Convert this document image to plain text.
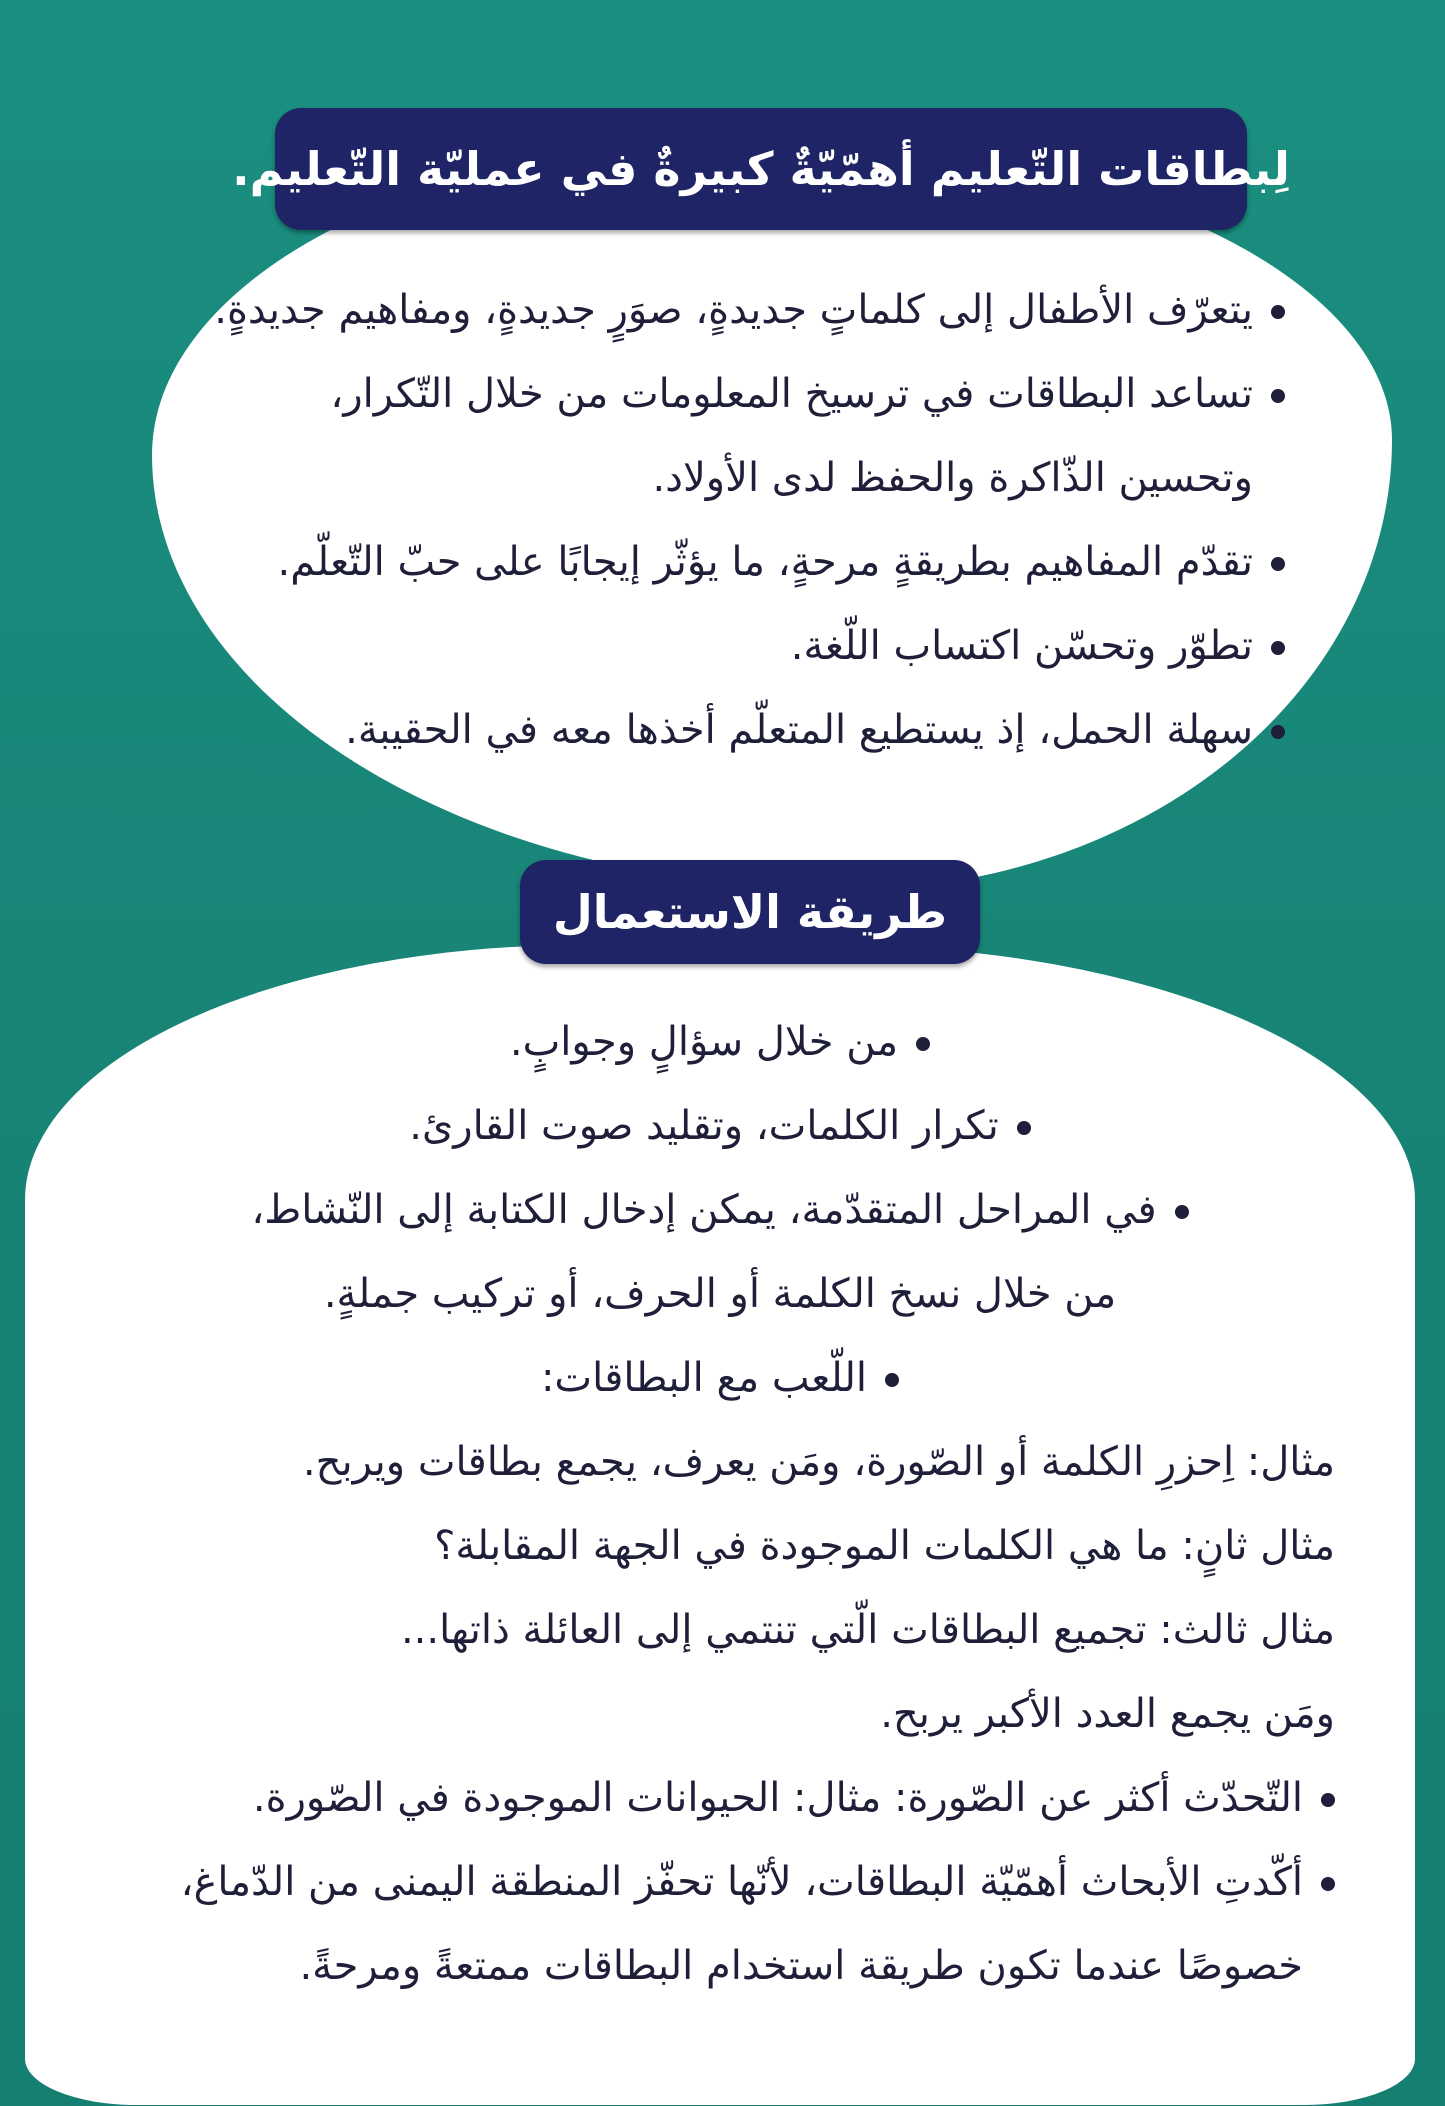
لِبطاقات التّعليم أهمّيّةٌ كبيرةٌ في عمليّة التّعليم.
يتعرّف الأطفال إلى كلماتٍ جديدةٍ، صوَرٍ جديدةٍ، ومفاهيم جديدةٍ.
تساعد البطاقات في ترسيخ المعلومات من خلال التّكرار،
وتحسين الذّاكرة والحفظ لدى الأولاد.
تقدّم المفاهيم بطريقةٍ مرحةٍ، ما يؤثّر إيجابًا على حبّ التّعلّم.
تطوّر وتحسّن اكتساب اللّغة.
سهلة الحمل، إذ يستطيع المتعلّم أخذها معه في الحقيبة.
طريقة الاستعمال
من خلال سؤالٍ وجوابٍ.
تكرار الكلمات، وتقليد صوت القارئ.
في المراحل المتقدّمة، يمكن إدخال الكتابة إلى النّشاط،
من خلال نسخ الكلمة أو الحرف، أو تركيب جملةٍ.
اللّعب مع البطاقات:
مثال: اِحزرِ الكلمة أو الصّورة، ومَن يعرف، يجمع بطاقات ويربح.
مثال ثانٍ: ما هي الكلمات الموجودة في الجهة المقابلة؟
مثال ثالث: تجميع البطاقات الّتي تنتمي إلى العائلة ذاتها...
ومَن يجمع العدد الأكبر يربح.
التّحدّث أكثر عن الصّورة: مثال: الحيوانات الموجودة في الصّورة.
أكّدتِ الأبحاث أهمّيّة البطاقات، لأنّها تحفّز المنطقة اليمنى من الدّماغ،
خصوصًا عندما تكون طريقة استخدام البطاقات ممتعةً ومرحةً.
